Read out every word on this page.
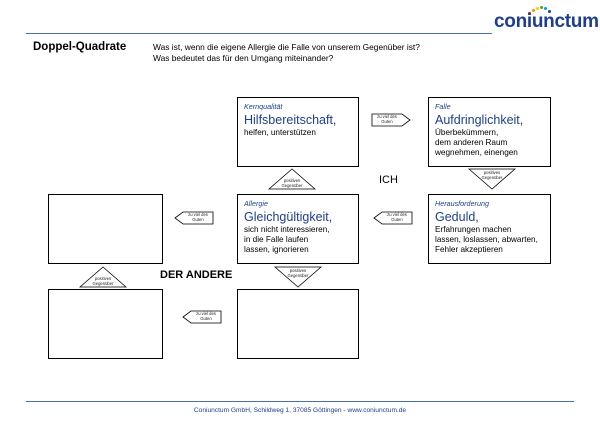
coniunctum
Doppel-Quadrate	Was ist, wenn die eigene Allergie die Falle von unserem Gegenüber ist?
Was bedeutet das für den Umgang miteinander?
Kernqualität
Hilfsbereitschaft,
helfen, unterstützen
Falle
Aufdringlichkeit,
Überbekümmern,
dem anderen Raum
wegnehmen, einengen
Allergie
Gleichgültigkeit,
sich nicht interessieren,
in die Falle laufen
lassen, ignorieren
Herausforderung
Geduld,
Erfahrungen machen
lassen, loslassen, abwarten,
Fehler akzeptieren
ICH
DER ANDERE
zu viel des
Guten
zu viel des
Guten
zu viel des
Guten
zu viel des
Guten
positives
Gegenüber
positives
Gegenüber
positives
Gegenüber
positives
Gegenüber
Coniunctum GmbH, Schildweg 1, 37085 Göttingen - www.coniunctum.de
